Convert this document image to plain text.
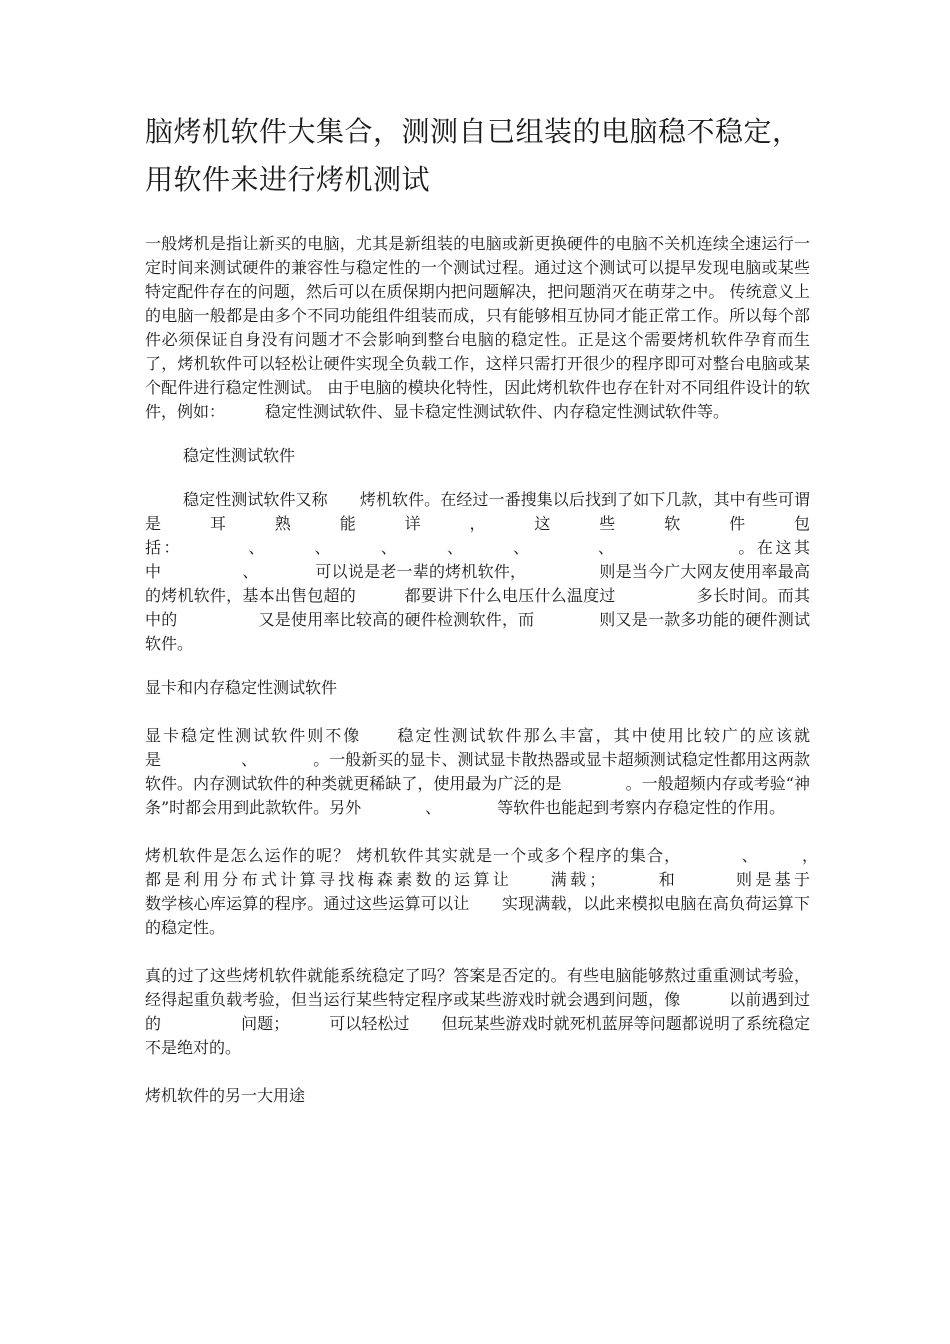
脑烤机软件大集合，测测自已组装的电脑稳不稳定，用软件来进行烤机测试

一般烤机是指让新买的电脑，尤其是新组装的电脑或新更换硬件的电脑不关机连续全速运行一定时间来测试硬件的兼容性与稳定性的一个测试过程。通过这个测试可以提早发现电脑或某些特定配件存在的问题，然后可以在质保期内把问题解决，把问题消灭在萌芽之中。 传统意义上的电脑一般都是由多个不同功能组件组装而成，只有能够相互协同才能正常工作。所以每个部件必须保证自身没有问题才不会影响到整台电脑的稳定性。正是这个需要烤机软件孕育而生了，烤机软件可以轻松让硬件实现全负载工作，这样只需打开很少的程序即可对整台电脑或某个配件进行稳定性测试。 由于电脑的模块化特性，因此烤机软件也存在针对不同组件设计的软件，例如：　　　稳定性测试软件、显卡稳定性测试软件、内存稳定性测试软件等。

稳定性测试软件

稳定性测试软件又称　　烤机软件。在经过一番搜集以后找到了如下几款，其中有些可谓是耳熟能详，这些软件包括：　　　　、　　　、　　　、　　　、　　　、　　　　、　　　　　　　。在这其中　　　　　、　　　　可以说是老一辈的烤机软件，　　　　　则是当今广大网友使用率最高的烤机软件，基本出售包超的　　　都要讲下什么电压什么温度过　　　　　多长时间。而其中的　　　　　又是使用率比较高的硬件检测软件，而　　　　则又是一款多功能的硬件测试软件。

显卡和内存稳定性测试软件

显卡稳定性测试软件则不像　　稳定性测试软件那么丰富，其中使用比较广的应该就是　　　　　、　　　　。一般新买的显卡、测试显卡散热器或显卡超频测试稳定性都用这两款软件。内存测试软件的种类就更稀缺了，使用最为广泛的是　　　　。一般超频内存或考验“神条”时都会用到此款软件。另外　　　　、　　　　等软件也能起到考察内存稳定性的作用。

烤机软件是怎么运作的呢？ 烤机软件其实就是一个或多个程序的集合，　　　　、　　　，　　　都是利用分布式计算寻找梅森素数的运算让　　满载；　　　和　　　则是基于　　　　　　　数学核心库运算的程序。通过这些运算可以让　　实现满载，以此来模拟电脑在高负荷运算下的稳定性。

真的过了这些烤机软件就能系统稳定了吗？答案是否定的。有些电脑能够熬过重重测试考验，经得起重负载考验，但当运行某些特定程序或某些游戏时就会遇到问题，像　　　以前遇到过的　　　　　问题；　　　可以轻松过　　但玩某些游戏时就死机蓝屏等问题都说明了系统稳定不是绝对的。

烤机软件的另一大用途
